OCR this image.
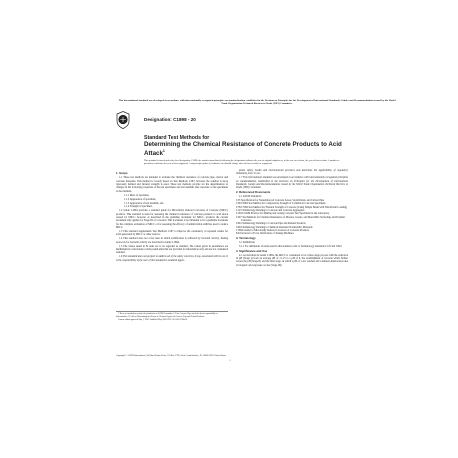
This international standard was developed in accordance with internationally recognized principles on standardization established in the Decision on Principles for the Development of International Standards, Guides and Recommendations issued by the World Trade Organization Technical Barriers to Trade (TBT) Committee.
Designation: C1898 - 20
Standard Test Methods for
Determining the Chemical Resistance of Concrete Products to Acid Attack$^1$
This standard is issued under the fixed designation C1898; the number immediately following the designation indicates the year of original adoption or, in the case of revision, the year of last revision. A number in parentheses indicates the year of last reapproval. A superscript epsilon (ε) indicates an editorial change since the last revision or reapproval.
1. Scope
1.1 These test methods are intended to evaluate the chemical resistance of concrete pipe, mortar and concrete materials. This method is loosely based on Test Methods C267; however the solution is more rigorously defined and flexural strength is used. These test methods provide for the determination of changes in the following properties of the test specimens and test medium after exposure of the specimens to the medium:
1.1.1 Mass of specimen,
1.1.2 Appearance of specimen,
1.1.3 Appearance of test medium, and
1.1.4 Strength of specimen.
1.2 Guide C1894 provides a standard guide for Microbially Induced Corrosion of Concrete (MICC) products. This standard is used for assessing the chemical resistance of concrete products to acid attack caused by MICC; however as described in the guideline document for MICC, products the current document only applies for Stage III of corrosion. This document is not intended to be a guideline document for the complete evaluation of MICC or for assessing the efficacy of antimicrobial additives used to reduce MICC.
1.3 This standard supplements Test Methods C267 to improve the consistency of repeated results for acids generated by MICC or other sources.
1.4 This standard does not cover tests in which acidification is achieved by bacterial activity. Testing protocols for bacterial activity are described in Guide C1894.
1.5 The values stated in SI units are to be regarded as standard. The values given in parentheses are mathematical conversions to inch-pound units that are provided for information only and are not considered standard.
1.6 This standard does not purport to address all of the safety concerns, if any, associated with its use. It is the responsibility of the user of this standard to establish appro-
1 These test methods are under the jurisdiction of ASTM Committee C13 on Concrete Pipe and is the direct responsibility of Subcommittee C13.03 on Determining the Effects of Chemical Agents on Concrete Pipe and Related Products.
Current edition approved May 1, 2020. Published May 2020. DOI: 10.1520/C1898-20.
priate safety, health and environmental practices and determine the applicability of regulatory limitations prior to use.
1.7 This international standard was developed in accordance with internationally recognized principles on standardization established in the Decision on Principles for the Development of International Standards, Guides and Recommendations issued by the World Trade Organization Technical Barriers to Trade (TBT) Committee.
2. Referenced Documents
2.1 ASTM Standards:
C33 Specification for Nonreinforced Concrete Sewer, Storm Drain, and Culvert Pipe
C39/C39M Test Method for Compressive Strength of Cylindrical Concrete Specimens
C78/C78M Test Method for Flexural Strength of Concrete (Using Simple Beam with Third-Point Loading)
C125 Terminology Relating to Concrete and Concrete Aggregates
C192/C192M Practice for Making and Curing Concrete Test Specimens in the Laboratory
C267 Test Methods for Chemical Resistance of Mortars, Grouts, and Monolithic Surfacings and Polymer Concretes
C822 Terminology Relating to Concrete Pipe and Related Products
C904 Terminology Relating to Chemical-Resistant Nonmetallic Materials
C1894 Guide for Microbially Induced Corrosion of Concrete Products
E4 Practices for Force Verification of Testing Machines
3. Terminology
3.1 Definitions:
3.1.1 For definitions of terms used in this standard, refer to Terminology standards C125 and C822.
4. Significance and Use
4.1 As described in Guide C1894, the MICC is considered to be a three stage process with the reduction in pH (Stage I) from an average pH of 11-13 to a pH of 9, the establishment of bacteria which further lowers the pH (Stage II) and the final stage, in which a pH of 1-4 is reached and continual deterioration due to biogenic acid exposure occurs (Stage III).
Copyright © ASTM International, 100 Barr Harbor Drive, PO Box C700, West Conshohocken, PA 19428-2959. United States
1
